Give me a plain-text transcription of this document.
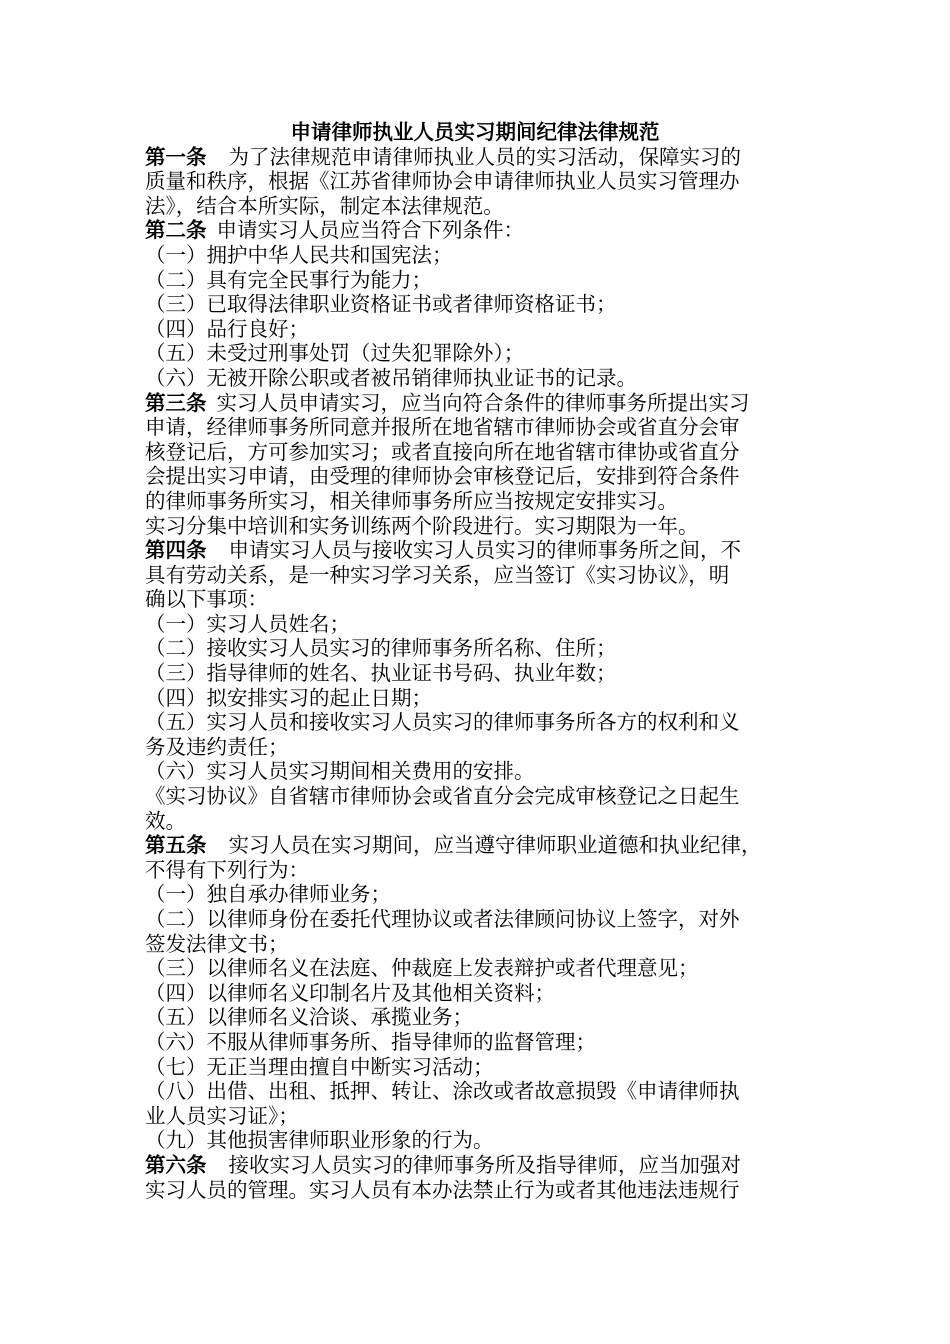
申请律师执业人员实习期间纪律法律规范
第一条 为了法律规范申请律师执业人员的实习活动，保障实习的
质量和秩序，根据《江苏省律师协会申请律师执业人员实习管理办
法》，结合本所实际，制定本法律规范。
第二条 申请实习人员应当符合下列条件：
（一）拥护中华人民共和国宪法；
（二）具有完全民事行为能力；
（三）已取得法律职业资格证书或者律师资格证书；
（四）品行良好；
（五）未受过刑事处罚（过失犯罪除外）；
（六）无被开除公职或者被吊销律师执业证书的记录。
第三条 实习人员申请实习，应当向符合条件的律师事务所提出实习
申请，经律师事务所同意并报所在地省辖市律师协会或省直分会审
核登记后，方可参加实习；或者直接向所在地省辖市律协或省直分
会提出实习申请，由受理的律师协会审核登记后，安排到符合条件
的律师事务所实习，相关律师事务所应当按规定安排实习。
实习分集中培训和实务训练两个阶段进行。实习期限为一年。
第四条 申请实习人员与接收实习人员实习的律师事务所之间，不
具有劳动关系，是一种实习学习关系，应当签订《实习协议》，明
确以下事项：
（一）实习人员姓名；
（二）接收实习人员实习的律师事务所名称、住所；
（三）指导律师的姓名、执业证书号码、执业年数；
（四）拟安排实习的起止日期；
（五）实习人员和接收实习人员实习的律师事务所各方的权利和义
务及违约责任；
（六）实习人员实习期间相关费用的安排。
《实习协议》自省辖市律师协会或省直分会完成审核登记之日起生
效。
第五条 实习人员在实习期间，应当遵守律师职业道德和执业纪律，
不得有下列行为：
（一）独自承办律师业务；
（二）以律师身份在委托代理协议或者法律顾问协议上签字，对外
签发法律文书；
（三）以律师名义在法庭、仲裁庭上发表辩护或者代理意见；
（四）以律师名义印制名片及其他相关资料；
（五）以律师名义洽谈、承揽业务；
（六）不服从律师事务所、指导律师的监督管理；
（七）无正当理由擅自中断实习活动；
（八）出借、出租、抵押、转让、涂改或者故意损毁《申请律师执
业人员实习证》；
（九）其他损害律师职业形象的行为。
第六条 接收实习人员实习的律师事务所及指导律师，应当加强对
实习人员的管理。实习人员有本办法禁止行为或者其他违法违规行
